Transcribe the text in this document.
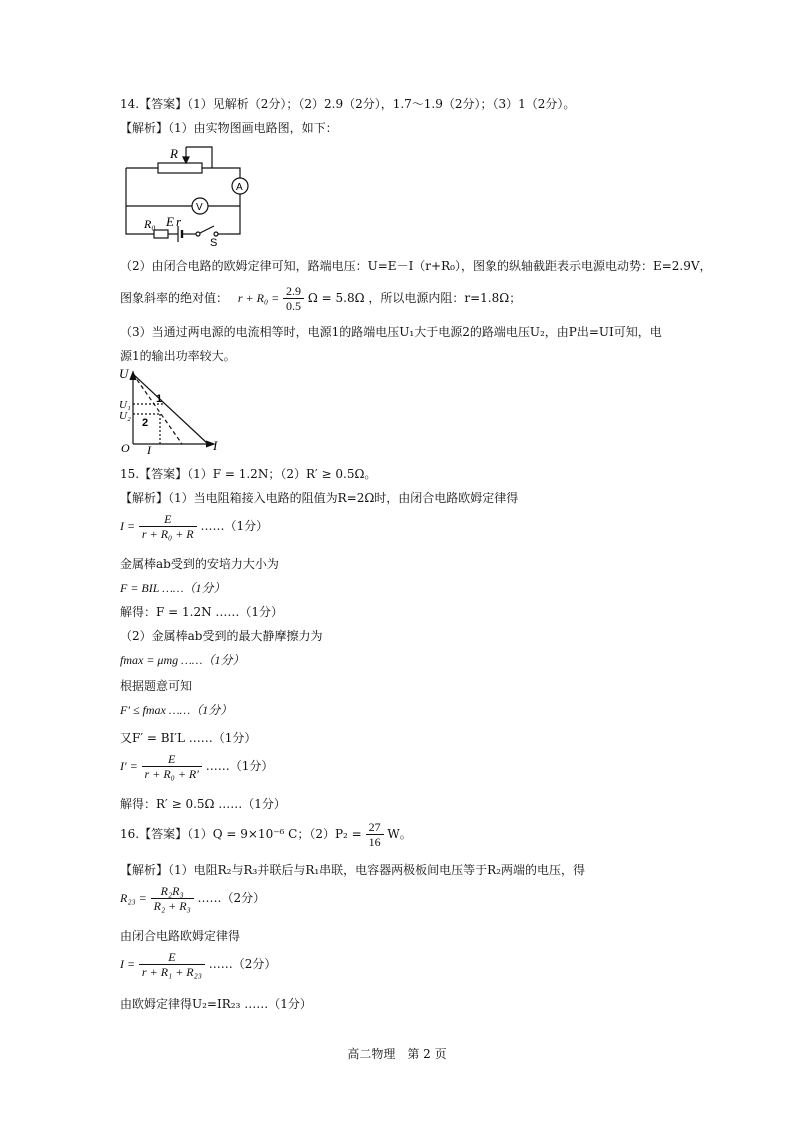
14.【答案】（1）见解析（2分）；（2）2.9（2分），1.7～1.9（2分）；（3）1（2分）。
【解析】（1）由实物图画电路图，如下：
R
A
V
R₀ E r
S
（2）由闭合电路的欧姆定律可知，路端电压：U=E－I（r+R₀），图象的纵轴截距表示电源电动势：E=2.9V，
图象斜率的绝对值： $r + R_0 = \frac{2.9}{0.5}$ Ω = 5.8Ω ，所以电源内阻：r=1.8Ω；
（3）当通过两电源的电流相等时，电源1的路端电压U₁大于电源2的路端电压U₂，由P出=UI可知，电
源1的输出功率较大。
U
U₁
U₂
O	I
I
1
2
15.【答案】（1）F = 1.2N；（2）R′ ≥ 0.5Ω。
【解析】（1）当电阻箱接入电路的阻值为R=2Ω时，由闭合电路欧姆定律得
$I = \frac{E}{\text{r + R₀ + R}}$ ……（1分）
金属棒ab受到的安培力大小为
F = BIL ……（1分）
解得：F = 1.2N ……（1分）
（2）金属棒ab受到的最大静摩擦力为
fmax = μmg ……（1分）
根据题意可知
F′ ≤ fmax ……（1分）
又F′ = BI′L ……（1分）
$I' = \frac{E}{\text{r + R₀ + R′}}$ ……（1分）
解得：R′ ≥ 0.5Ω ……（1分）
16.【答案】（1）Q = 9×10⁻⁶ C；$(2)P_2 = \frac{27}{16}$ W。
【解析】（1）电阻R₂与R₃并联后与R₁串联，电容器两极板间电压等于R₂两端的电压，得
$R_{23} = \frac{\text{R₂R₃}}{\text{R₂ + R₃}}$ ……（2分）
由闭合电路欧姆定律得
$I = \frac{E}{\text{r + R₁ + R₂₃}}$ ……（2分）
由欧姆定律得U₂=IR₂₃ ……（1分）
高二物理　第 2 页
